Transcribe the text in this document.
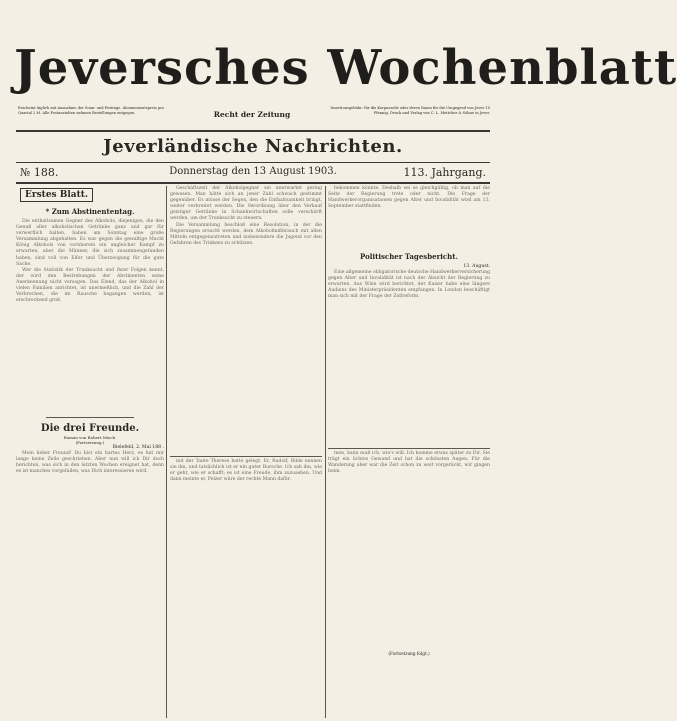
Jeversches Wochenblatt
Erscheint täglich mit Ausnahme der Sonn- und Festtage. Abonnementspreis pro Quartal 2 M. Alle Postanstalten nehmen Bestellungen entgegen.	Recht der Zeitung
Insertionsgebühr: für die Korpuszeile oder deren Raum für die Umgegend von Jever 10 Pfennig. Druck und Verlag von C. L. Mettcker & Söhne in Jever.
Jeverländische Nachrichten.
№ 188.	Donnerstag den 13 August 1903.	113. Jahrgang.
Erstes Blatt.
* Zum Abstinententag.

Die enthaltsamen Gegner des Alkohols, diejenigen, die den Genuß aller alkoholischen Getränke ganz und gar für verwerflich halten, haben am Sonntag eine große Versammlung abgehalten. Es war gegen die gewaltige Macht König Alkohols von vornherein ein ungleicher Kampf zu erwarten, aber die Männer, die sich zusammengefunden haben, sind voll von Eifer und Überzeugung für die gute Sache.

Wer die Statistik der Trunksucht und ihrer Folgen kennt, der wird den Bestrebungen der Abstinenten seine Anerkennung nicht versagen. Das Elend, das der Alkohol in vielen Familien anrichtet, ist unermeßlich, und die Zahl der Verbrechen, die im Rausche begangen werden, ist erschreckend groß.

Die drei Freunde.
Roman von Robert Misch.
(Fortsetzung.)
Bielefeld, 2. Mai 188 .

Mein lieber Freund! Du bist ein hartes Herz, es hat mir lange keine Zeile geschrieben. Aber nun will ich Dir doch berichten, was sich in den letzten Wochen ereignet hat, denn es ist manches vorgefallen, was Dich interessieren wird.

Geschäftszeit der Alkoholgegner sei unerwartet gering gewesen. Man hätte sich an jener Zahl schwach gestimmt gegenüber. Es müsse der Segen, den die Enthaltsamkeit bringt, weiter verbreitet werden. Die Verordnung über den Verkauf geistiger Getränke in Schankwirtschaften solle verschärft werden, um der Trunksucht zu steuern.

Die Versammlung beschloß eine Resolution, in der die Regierungen ersucht werden, dem Alkoholmißbrauch mit allen Mitteln entgegenzutreten und insbesondere die Jugend vor den Gefahren des Trinkens zu schützen.

mit der Tante Therese hatte gelegt. Er, Rudolf, Bilde nennen sie ihn, und tatsächlich ist er ein guter Bursche. Ich sah ihn, wie er geht, wie er schafft; es ist eine Freude, ihm zuzusehen. Und dann meinte er, Pelzer wäre der rechte Mann dafür.

bekommen könnte. Deshalb sei es gleichgültig, ob man auf die Seite der Regierung trete oder nicht. Die Frage der Handwerkerorganisationen gegen Alter und Invalidität wird am 13. September stattfinden.

Politischer Tagesbericht.
13. August.

Eine allgemeine obligatorische deutsche Handwerkerversicherung gegen Alter und Invalidität ist nach der Absicht der Regierung zu erwarten. Aus Wien wird berichtet, der Kaiser habe eine längere Audienz des Ministerpräsidenten empfangen. In London beschäftigt man sich mit der Frage der Zollreform.

men, kann muß ich, wie's will. Ich komme etwas später zu Dir. Sie trägt ein lichtes Gewand und hat die schönsten Augen. Für die Wanderung aber war die Zeit schon zu weit vorgerückt, wir gingen heim.

(Fortsetzung folgt.)
